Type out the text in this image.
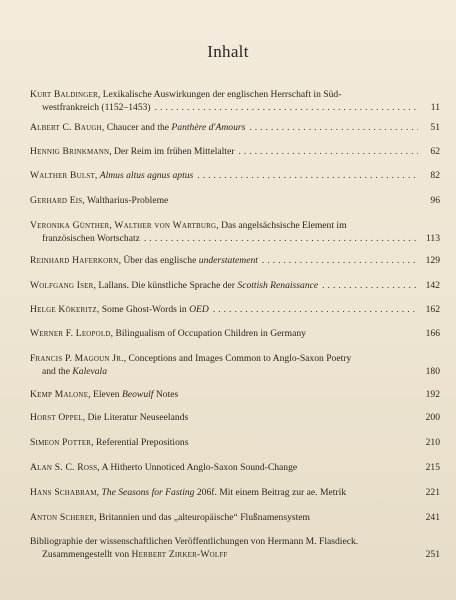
Inhalt
Kurt Baldinger, Lexikalische Auswirkungen der englischen Herrschaft in Süd-
westfrankreich (1152–1453) .....	11
Albert C. Baugh, Chaucer and the Panthère d'Amours .....	51
Hennig Brinkmann, Der Reim im frühen Mittelalter .....	62
Walther Bulst, Almus altus agnus aptus .....	82
Gerhard Eis, Waltharius-Probleme	96
Veronika Günther, Walther von Wartburg, Das angelsächsische Element im
französischen Wortschatz .....	113
Reinhard Haferkorn, Über das englische understatement .....	129
Wolfgang Iser, Lallans. Die künstliche Sprache der Scottish Renaissance .....	142
Helge Kökeritz, Some Ghost-Words in OED .....	162
Werner F. Leopold, Bilingualism of Occupation Children in Germany	166
Francis P. Magoun Jr., Conceptions and Images Common to Anglo-Saxon Poetry
and the Kalevala	180
Kemp Malone, Eleven Beowulf Notes	192
Horst Oppel, Die Literatur Neuseelands	200
Simeon Potter, Referential Prepositions	210
Alan S. C. Ross, A Hitherto Unnoticed Anglo-Saxon Sound-Change	215
Hans Schabram, The Seasons for Fasting 206f. Mit einem Beitrag zur ae. Metrik	221
Anton Scherer, Britannien und das „alteuropäische“ Flußnamensystem	241
Bibliographie der wissenschaftlichen Veröffentlichungen von Hermann M. Flasdieck.
Zusammengestellt von Herbert Zirker-Wolff	251
